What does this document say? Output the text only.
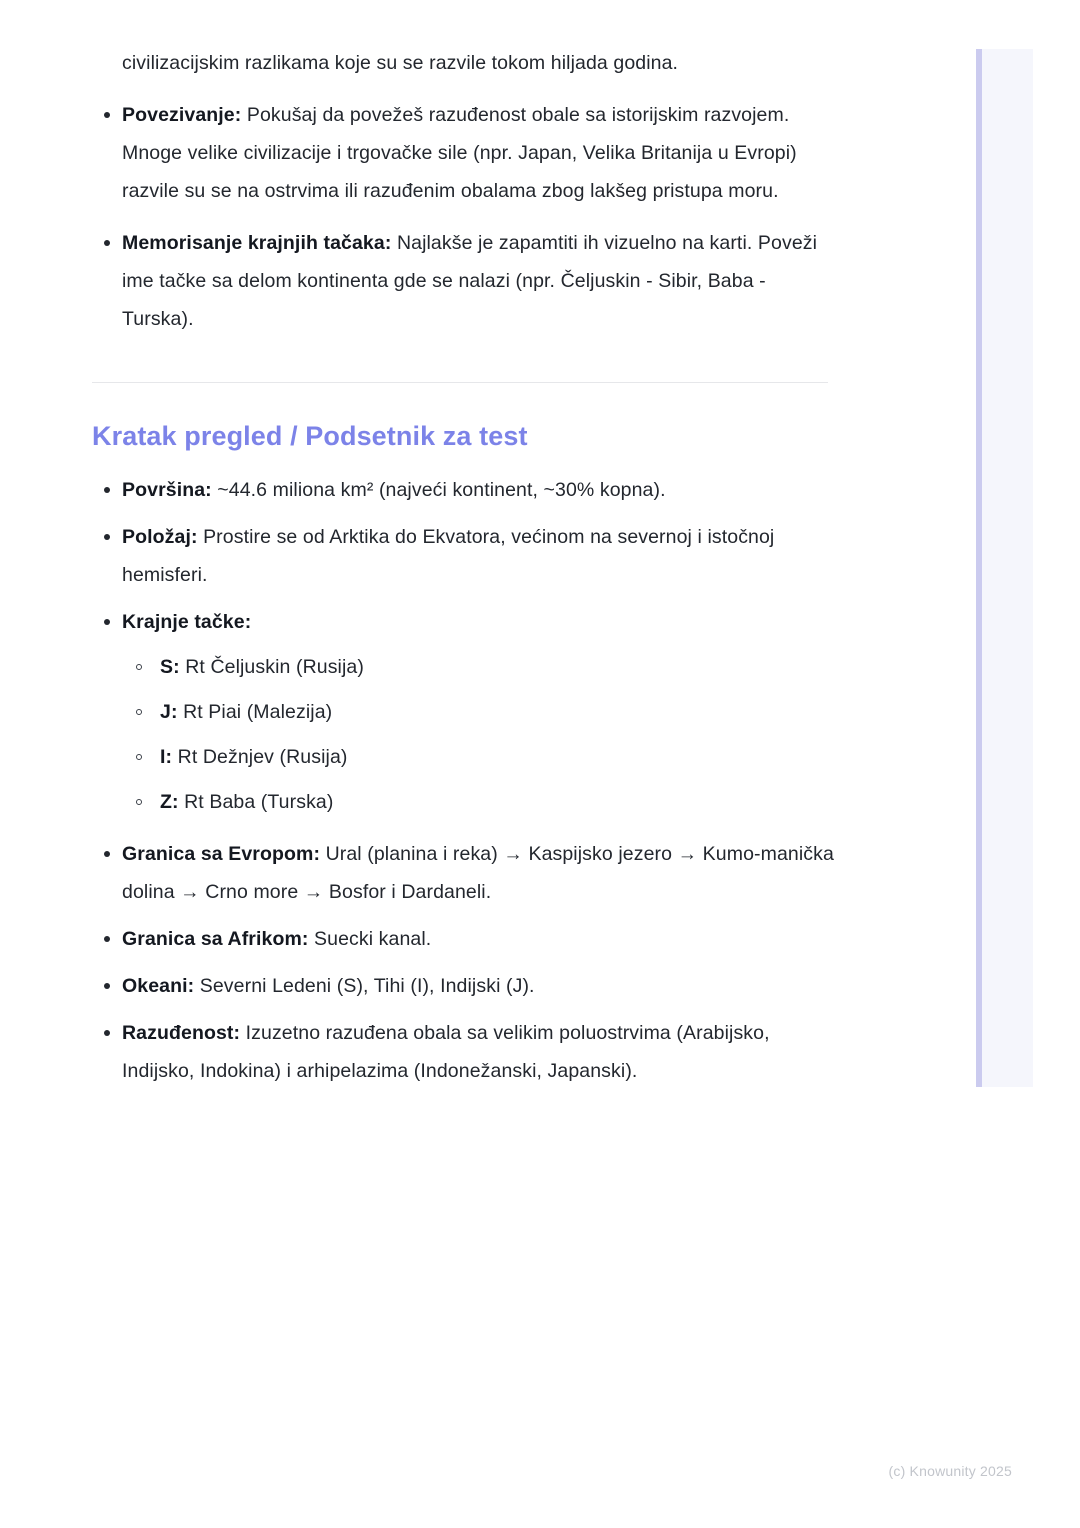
civilizacijskim razlikama koje su se razvile tokom hiljada godina.

Povezivanje: Pokušaj da povežeš razuđenost obale sa istorijskim razvojem. Mnoge velike civilizacije i trgovačke sile (npr. Japan, Velika Britanija u Evropi) razvile su se na ostrvima ili razuđenim obalama zbog lakšeg pristupa moru.
Memorisanje krajnjih tačaka: Najlakše je zapamtiti ih vizuelno na karti. Poveži ime tačke sa delom kontinenta gde se nalazi (npr. Čeljuskin - Sibir, Baba - Turska).
Kratak pregled / Podsetnik za test
Površina: ~44.6 miliona km² (najveći kontinent, ~30% kopna).
Položaj: Prostire se od Arktika do Ekvatora, većinom na severnoj i istočnoj hemisferi.
Krajnje tačke:
S: Rt Čeljuskin (Rusija)
J: Rt Piai (Malezija)
I: Rt Dežnjev (Rusija)
Z: Rt Baba (Turska)
Granica sa Evropom: Ural (planina i reka) → Kaspijsko jezero → Kumo-manička dolina → Crno more → Bosfor i Dardaneli.
Granica sa Afrikom: Suecki kanal.
Okeani: Severni Ledeni (S), Tihi (I), Indijski (J).
Razuđenost: Izuzetno razuđena obala sa velikim poluostrvima (Arabijsko, Indijsko, Indokina) i arhipelazima (Indonežanski, Japanski).
(c) Knowunity 2025
